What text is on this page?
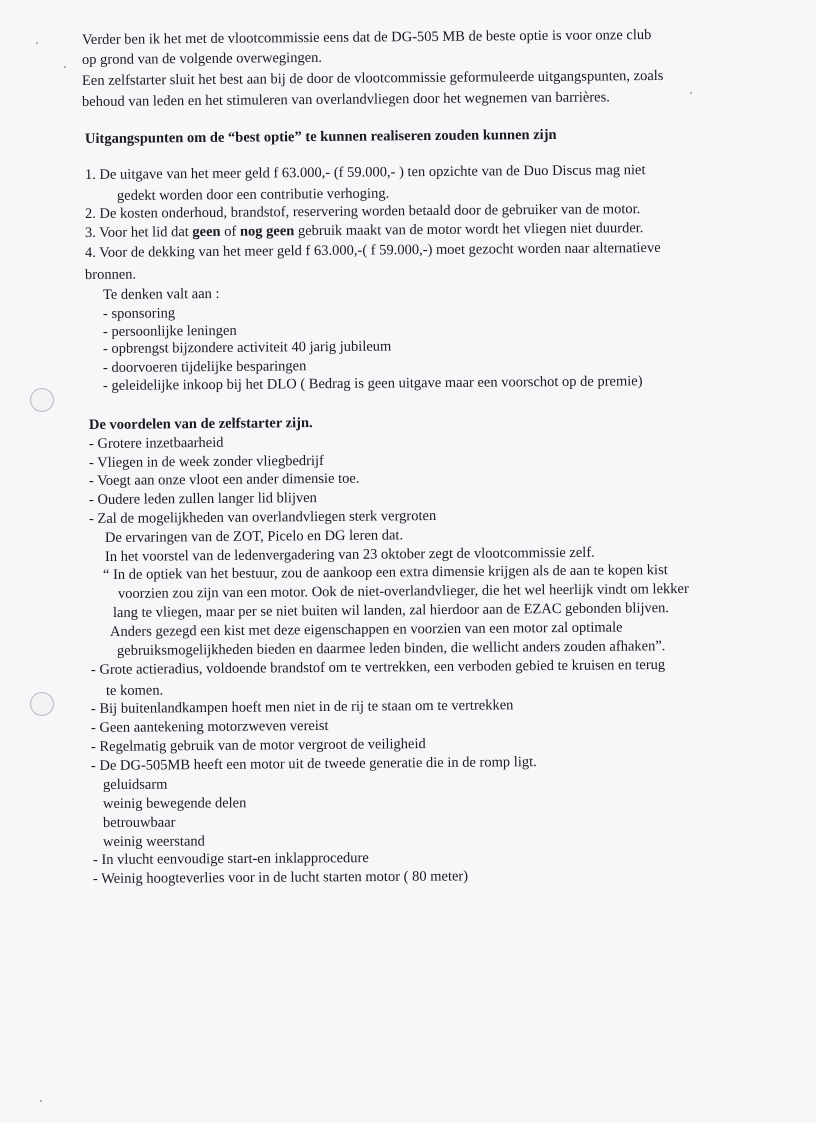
Verder ben ik het met de vlootcommissie eens dat de DG-505 MB de beste optie is voor onze club
op grond van de volgende overwegingen.
Een zelfstarter sluit het best aan bij de door de vlootcommissie geformuleerde uitgangspunten, zoals
behoud van leden en het stimuleren van overlandvliegen door het wegnemen van barrières.
Uitgangspunten om de “best optie” te kunnen realiseren zouden kunnen zijn
1. De uitgave van het meer geld f 63.000,- (f 59.000,- ) ten opzichte van de Duo Discus mag niet
gedekt worden door een contributie verhoging.
2. De kosten onderhoud, brandstof, reservering worden betaald door de gebruiker van de motor.
3. Voor het lid dat geen of nog geen gebruik maakt van de motor wordt het vliegen niet duurder.
4. Voor de dekking van het meer geld f 63.000,-( f 59.000,-) moet gezocht worden naar alternatieve
bronnen.
Te denken valt aan :
- sponsoring
- persoonlijke leningen
- opbrengst bijzondere activiteit 40 jarig jubileum
- doorvoeren tijdelijke besparingen
- geleidelijke inkoop bij het DLO ( Bedrag is geen uitgave maar een voorschot op de premie)
De voordelen van de zelfstarter zijn.
- Grotere inzetbaarheid
- Vliegen in de week zonder vliegbedrijf
- Voegt aan onze vloot een ander dimensie toe.
- Oudere leden zullen langer lid blijven
- Zal de mogelijkheden van overlandvliegen sterk vergroten
De ervaringen van de ZOT, Picelo en DG leren dat.
In het voorstel van de ledenvergadering van 23 oktober zegt de vlootcommissie zelf.
“ In de optiek van het bestuur, zou de aankoop een extra dimensie krijgen als de aan te kopen kist
voorzien zou zijn van een motor. Ook de niet-overlandvlieger, die het wel heerlijk vindt om lekker
lang te vliegen, maar per se niet buiten wil landen, zal hierdoor aan de EZAC gebonden blijven.
Anders gezegd een kist met deze eigenschappen en voorzien van een motor zal optimale
gebruiksmogelijkheden bieden en daarmee leden binden, die wellicht anders zouden afhaken”.
- Grote actieradius, voldoende brandstof om te vertrekken, een verboden gebied te kruisen en terug
te komen.
- Bij buitenlandkampen hoeft men niet in de rij te staan om te vertrekken
- Geen aantekening motorzweven vereist
- Regelmatig gebruik van de motor vergroot de veiligheid
- De DG-505MB heeft een motor uit de tweede generatie die in de romp ligt.
geluidsarm
weinig bewegende delen
betrouwbaar
weinig weerstand
- In vlucht eenvoudige start-en inklapprocedure
- Weinig hoogteverlies voor in de lucht starten motor ( 80 meter)
